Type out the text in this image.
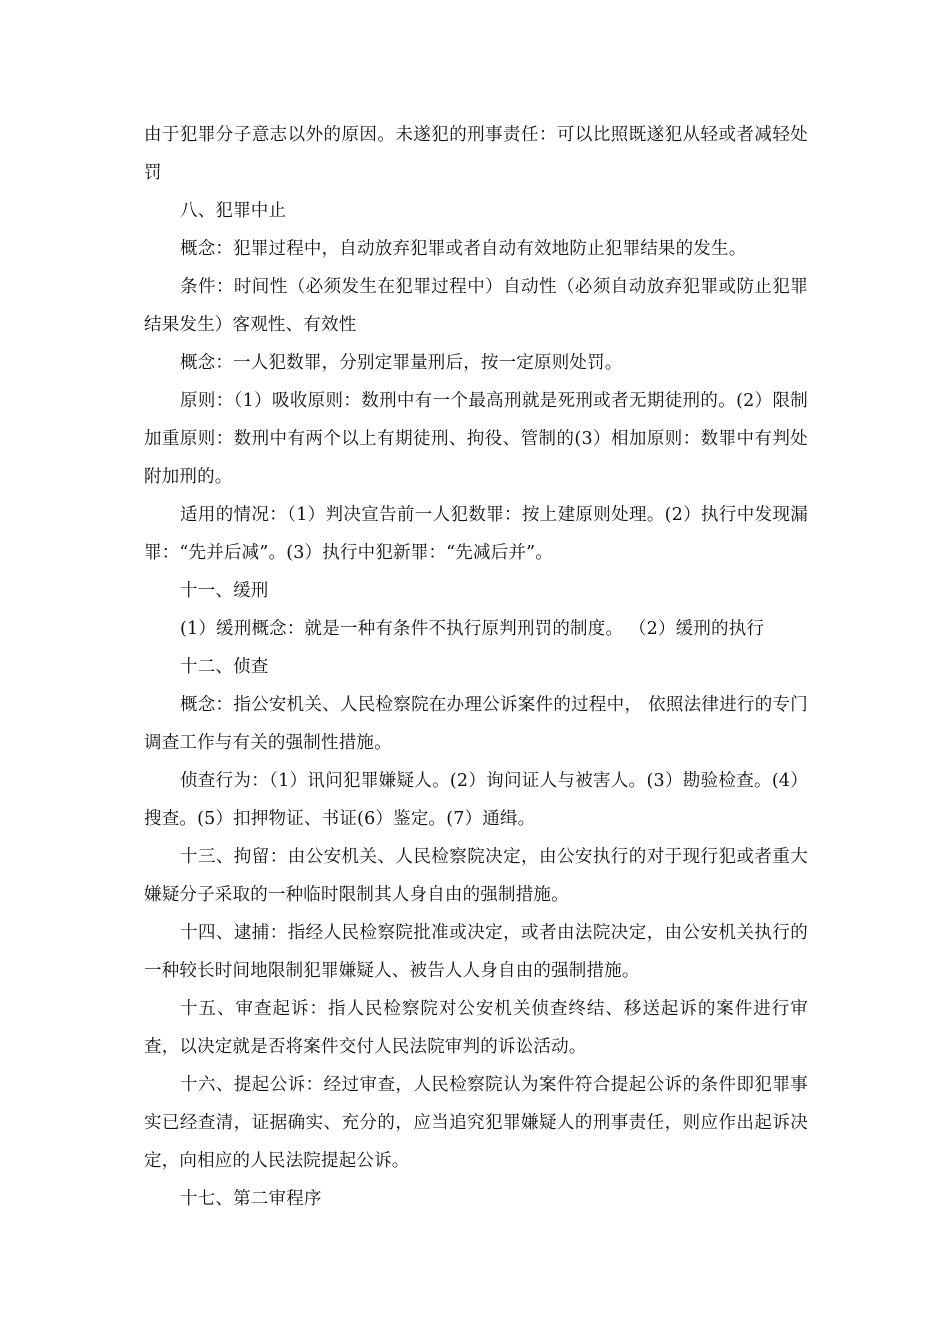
由于犯罪分子意志以外的原因。未遂犯的刑事责任：可以比照既遂犯从轻或者减轻处罚

八、犯罪中止

概念：犯罪过程中，自动放弃犯罪或者自动有效地防止犯罪结果的发生。

条件：时间性（必须发生在犯罪过程中）自动性（必须自动放弃犯罪或防止犯罪结果发生）客观性、有效性

概念：一人犯数罪，分别定罪量刑后，按一定原则处罚。

原则：（1）吸收原则：数刑中有一个最高刑就是死刑或者无期徒刑的。(2）限制加重原则：数刑中有两个以上有期徒刑、拘役、管制的(3）相加原则：数罪中有判处附加刑的。

适用的情况：（1）判决宣告前一人犯数罪：按上建原则处理。(2）执行中发现漏罪：“先并后减”。(3）执行中犯新罪：“先减后并”。

十一、缓刑

(1）缓刑概念：就是一种有条件不执行原判刑罚的制度。 （2）缓刑的执行

十二、侦查

概念：指公安机关、人民检察院在办理公诉案件的过程中， 依照法律进行的专门调查工作与有关的强制性措施。

侦查行为：（1）讯问犯罪嫌疑人。(2）询问证人与被害人。(3）勘验检查。(4）搜查。(5）扣押物证、书证(6）鉴定。(7）通缉。

十三、拘留：由公安机关、人民检察院决定，由公安执行的对于现行犯或者重大嫌疑分子采取的一种临时限制其人身自由的强制措施。

十四、逮捕：指经人民检察院批准或决定，或者由法院决定，由公安机关执行的一种较长时间地限制犯罪嫌疑人、被告人人身自由的强制措施。

十五、审查起诉：指人民检察院对公安机关侦查终结、移送起诉的案件进行审查，以决定就是否将案件交付人民法院审判的诉讼活动。

十六、提起公诉：经过审查，人民检察院认为案件符合提起公诉的条件即犯罪事实已经查清，证据确实、充分的，应当追究犯罪嫌疑人的刑事责任，则应作出起诉决定，向相应的人民法院提起公诉。

十七、第二审程序
